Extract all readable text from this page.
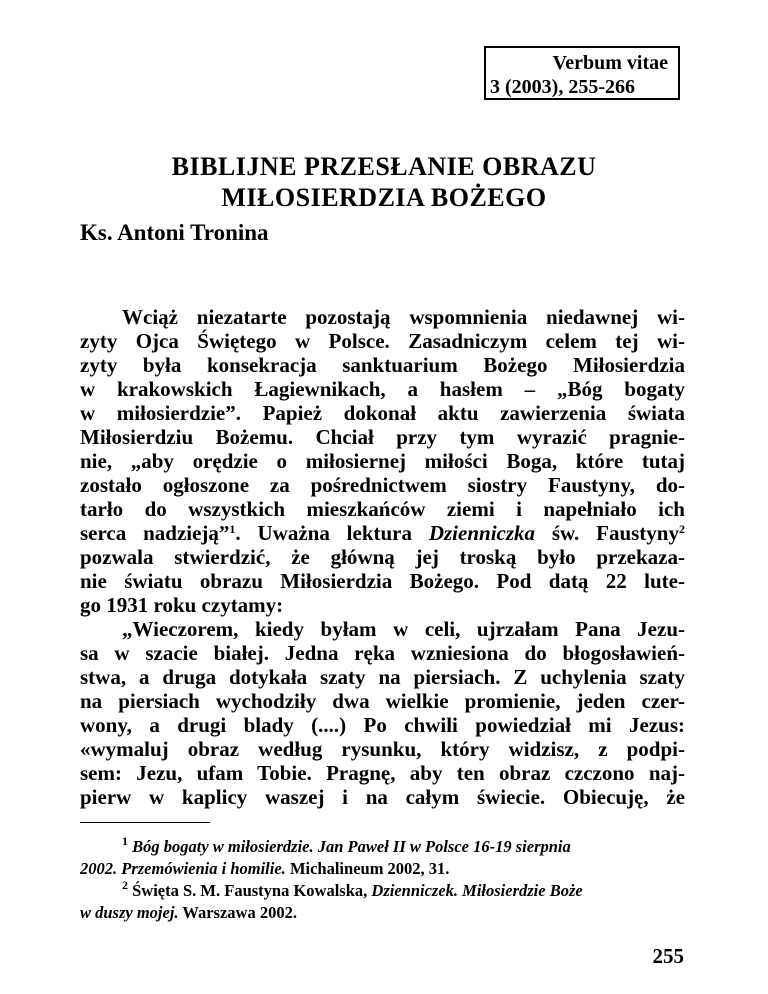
Verbum vitae
3 (2003), 255-266
BIBLIJNE PRZESŁANIE OBRAZU
MIŁOSIERDZIA BOŻEGO
Ks. Antoni Tronina
Wciąż niezatarte pozostają wspomnienia niedawnej wi-
zyty Ojca Świętego w Polsce. Zasadniczym celem tej wi-
zyty była konsekracja sanktuarium Bożego Miłosierdzia
w krakowskich Łagiewnikach, a hasłem – „Bóg bogaty
w miłosierdzie”. Papież dokonał aktu zawierzenia świata
Miłosierdziu Bożemu. Chciał przy tym wyrazić pragnie-
nie, „aby orędzie o miłosiernej miłości Boga, które tutaj
zostało ogłoszone za pośrednictwem siostry Faustyny, do-
tarło do wszystkich mieszkańców ziemi i napełniało ich
serca nadzieją”$^1$. Uważna lektura Dzienniczka św. Faustyny$^2$
pozwala stwierdzić, że główną jej troską było przekaza-
nie światu obrazu Miłosierdzia Bożego. Pod datą 22 lute-
go 1931 roku czytamy:
„Wieczorem, kiedy byłam w celi, ujrzałam Pana Jezu-
sa w szacie białej. Jedna ręka wzniesiona do błogosławień-
stwa, a druga dotykała szaty na piersiach. Z uchylenia szaty
na piersiach wychodziły dwa wielkie promienie, jeden czer-
wony, a drugi blady (....) Po chwili powiedział mi Jezus:
«wymaluj obraz według rysunku, który widzisz, z podpi-
sem: Jezu, ufam Tobie. Pragnę, aby ten obraz czczono naj-
pierw w kaplicy waszej i na całym świecie. Obiecuję, że
$^1$ Bóg bogaty w miłosierdzie. Jan Paweł II w Polsce 16-19 sierpnia
2002. Przemówienia i homilie. Michalineum 2002, 31.
$^2$ Święta S. M. Faustyna Kowalska, Dzienniczek. Miłosierdzie Boże
w duszy mojej. Warszawa 2002.
255
